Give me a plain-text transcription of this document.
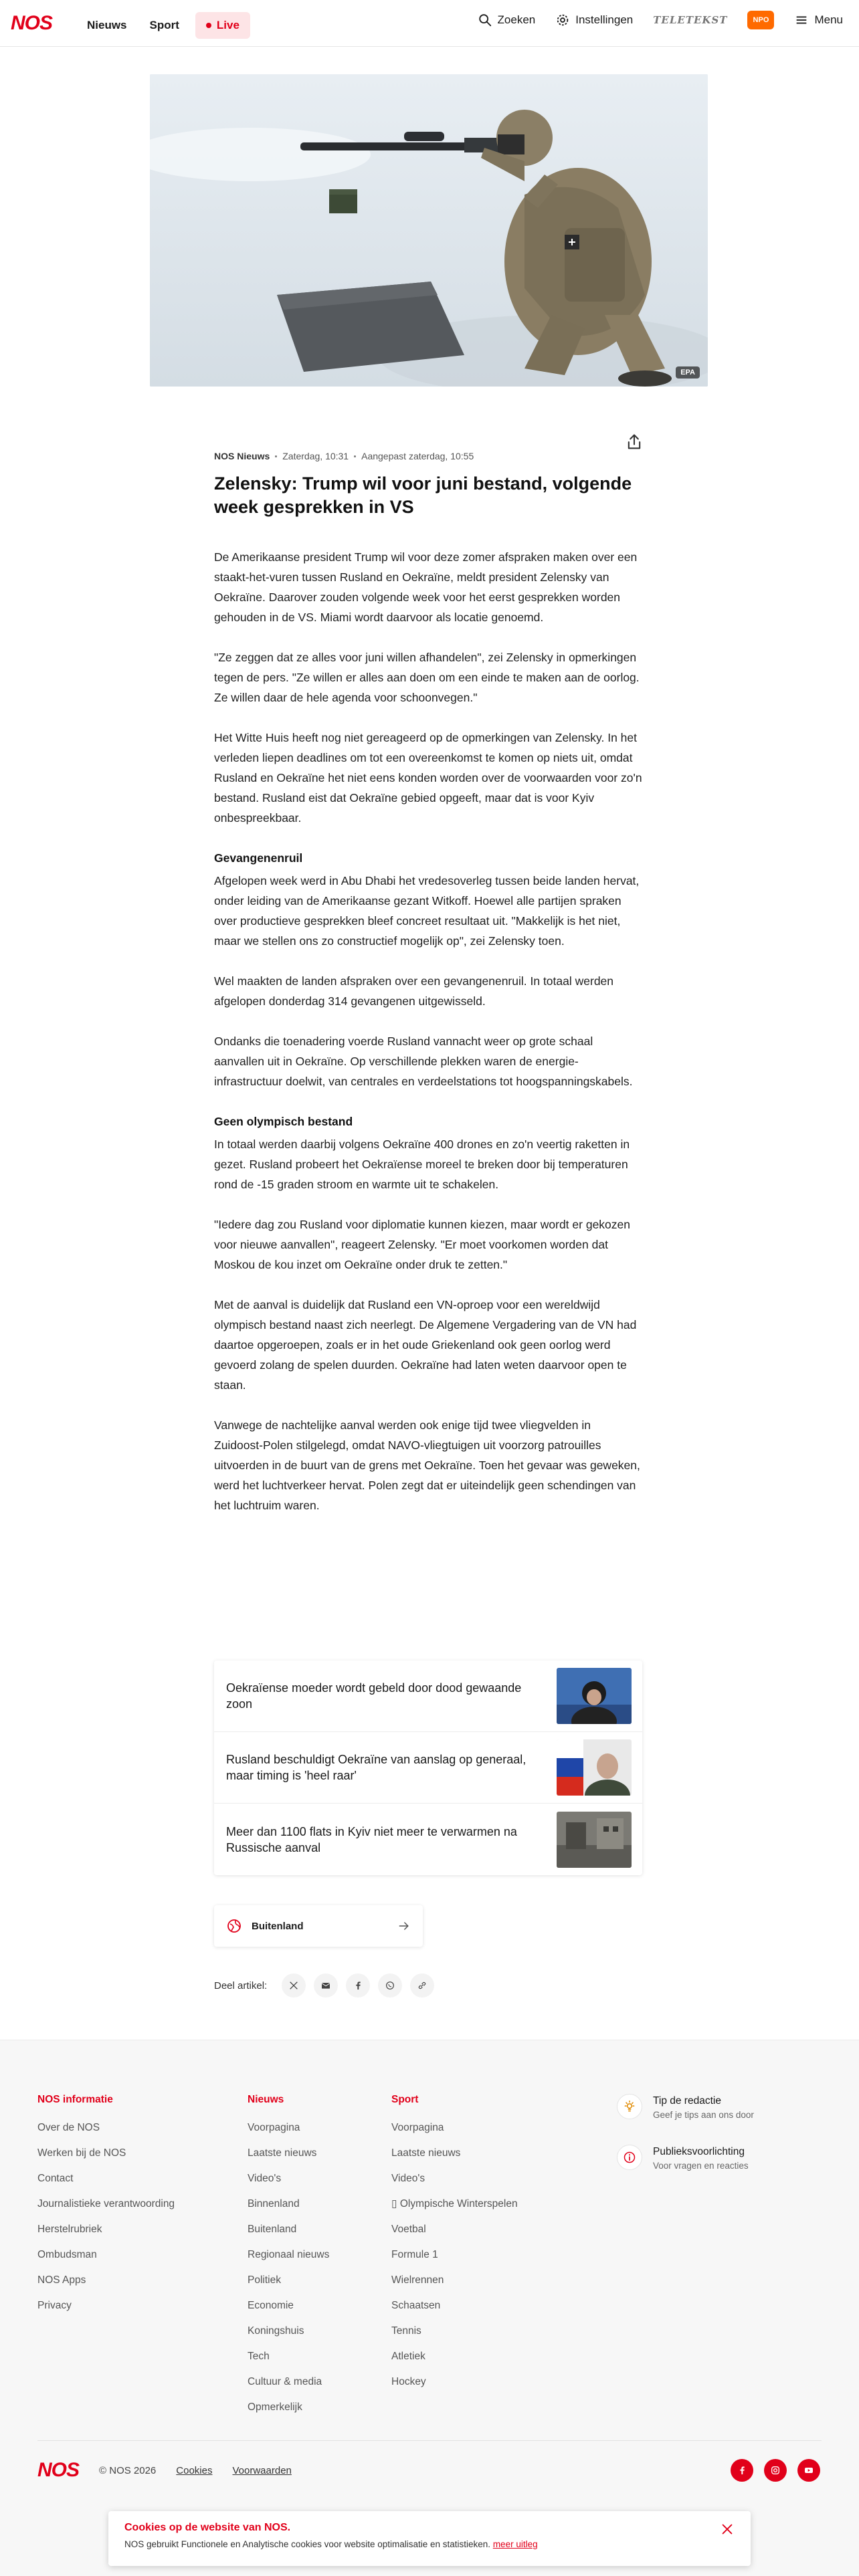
NOS	Nieuws	Sport	Live	Zoeken	Instellingen TELETEKST	NPO	Menu
EPA
NOS Nieuws Zaterdag, 10:31 Aangepast zaterdag, 10:55
Zelensky: Trump wil voor juni bestand, volgende week gesprekken in VS

De Amerikaanse president Trump wil voor deze zomer afspraken maken over een staakt-het-vuren tussen Rusland en Oekraïne, meldt president Zelensky van Oekraïne. Daarover zouden volgende week voor het eerst gesprekken worden gehouden in de VS. Miami wordt daarvoor als locatie genoemd.

"Ze zeggen dat ze alles voor juni willen afhandelen", zei Zelensky in opmerkingen tegen de pers. "Ze willen er alles aan doen om een einde te maken aan de oorlog. Ze willen daar de hele agenda voor schoonvegen."

Het Witte Huis heeft nog niet gereageerd op de opmerkingen van Zelensky. In het verleden liepen deadlines om tot een overeenkomst te komen op niets uit, omdat Rusland en Oekraïne het niet eens konden worden over de voorwaarden voor zo'n bestand. Rusland eist dat Oekraïne gebied opgeeft, maar dat is voor Kyiv onbespreekbaar.

Gevangenenruil

Afgelopen week werd in Abu Dhabi het vredesoverleg tussen beide landen hervat, onder leiding van de Amerikaanse gezant Witkoff. Hoewel alle partijen spraken over productieve gesprekken bleef concreet resultaat uit. "Makkelijk is het niet, maar we stellen ons zo constructief mogelijk op", zei Zelensky toen.

Wel maakten de landen afspraken over een gevangenenruil. In totaal werden afgelopen donderdag 314 gevangenen uitgewisseld.

Ondanks die toenadering voerde Rusland vannacht weer op grote schaal aanvallen uit in Oekraïne. Op verschillende plekken waren de energie-infrastructuur doelwit, van centrales en verdeelstations tot hoogspanningskabels.

Geen olympisch bestand

In totaal werden daarbij volgens Oekraïne 400 drones en zo'n veertig raketten in gezet. Rusland probeert het Oekraïense moreel te breken door bij temperaturen rond de -15 graden stroom en warmte uit te schakelen.

"Iedere dag zou Rusland voor diplomatie kunnen kiezen, maar wordt er gekozen voor nieuwe aanvallen", reageert Zelensky. "Er moet voorkomen worden dat Moskou de kou inzet om Oekraïne onder druk te zetten."

Met de aanval is duidelijk dat Rusland een VN-oproep voor een wereldwijd olympisch bestand naast zich neerlegt. De Algemene Vergadering van de VN had daartoe opgeroepen, zoals er in het oude Griekenland ook geen oorlog werd gevoerd zolang de spelen duurden. Oekraïne had laten weten daarvoor open te staan.

Vanwege de nachtelijke aanval werden ook enige tijd twee vliegvelden in Zuidoost-Polen stilgelegd, omdat NAVO-vliegtuigen uit voorzorg patrouilles uitvoerden in de buurt van de grens met Oekraïne. Toen het gevaar was geweken, werd het luchtverkeer hervat. Polen zegt dat er uiteindelijk geen schendingen van het luchtruim waren.

Oekraïense moeder wordt gebeld door dood gewaande zoon
Rusland beschuldigt Oekraïne van aanslag op generaal, maar timing is 'heel raar'
Meer dan 1100 flats in Kyiv niet meer te verwarmen na Russische aanval
Buitenland
Deel artikel:
NOS informatie
Over de NOS
Werken bij de NOS
Contact
Journalistieke verantwoording
Herstelrubriek
Ombudsman
NOS Apps
Privacy
Nieuws
Voorpagina
Laatste nieuws
Video's
Binnenland
Buitenland
Regionaal nieuws
Politiek
Economie
Koningshuis
Tech
Cultuur & media
Opmerkelijk
Sport
Voorpagina
Laatste nieuws
Video's
▯ Olympische Winterspelen
Voetbal
Formule 1
Wielrennen
Schaatsen
Tennis
Atletiek
Hockey
Tip de redactie
Geef je tips aan ons door
Publieksvoorlichting
Voor vragen en reacties
NOS © NOS 2026 Cookies Voorwaarden
Cookies op de website van NOS.
NOS gebruikt Functionele en Analytische cookies voor website optimalisatie en statistieken. meer uitleg
